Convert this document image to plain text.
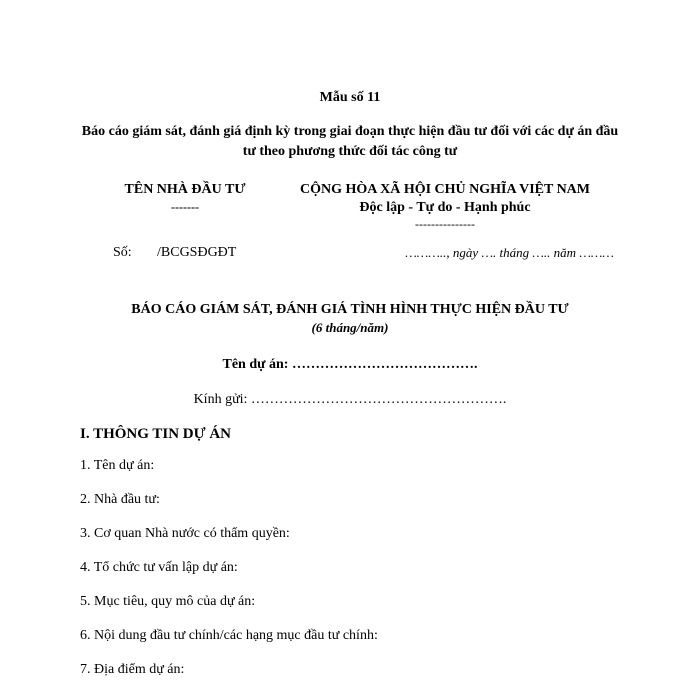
Mẫu số 11
Báo cáo giám sát, đánh giá định kỳ trong giai đoạn thực hiện đầu tư đối với các dự án đầu tư theo phương thức đối tác công tư
TÊN NHÀ ĐẦU TƯ
-------
CỘNG HÒA XÃ HỘI CHỦ NGHĨA VIỆT NAM
Độc lập - Tự do - Hạnh phúc
---------------
Số: /BCGSĐGĐT	……….., ngày …. tháng ….. năm ………
BÁO CÁO GIÁM SÁT, ĐÁNH GIÁ TÌNH HÌNH THỰC HIỆN ĐẦU TƯ
(6 tháng/năm)
Tên dự án: ………………………………….
Kính gửi: ……………………………………………….
I. THÔNG TIN DỰ ÁN
1. Tên dự án:
2. Nhà đầu tư:
3. Cơ quan Nhà nước có thẩm quyền:
4. Tổ chức tư vấn lập dự án:
5. Mục tiêu, quy mô của dự án:
6. Nội dung đầu tư chính/các hạng mục đầu tư chính:
7. Địa điểm dự án:
